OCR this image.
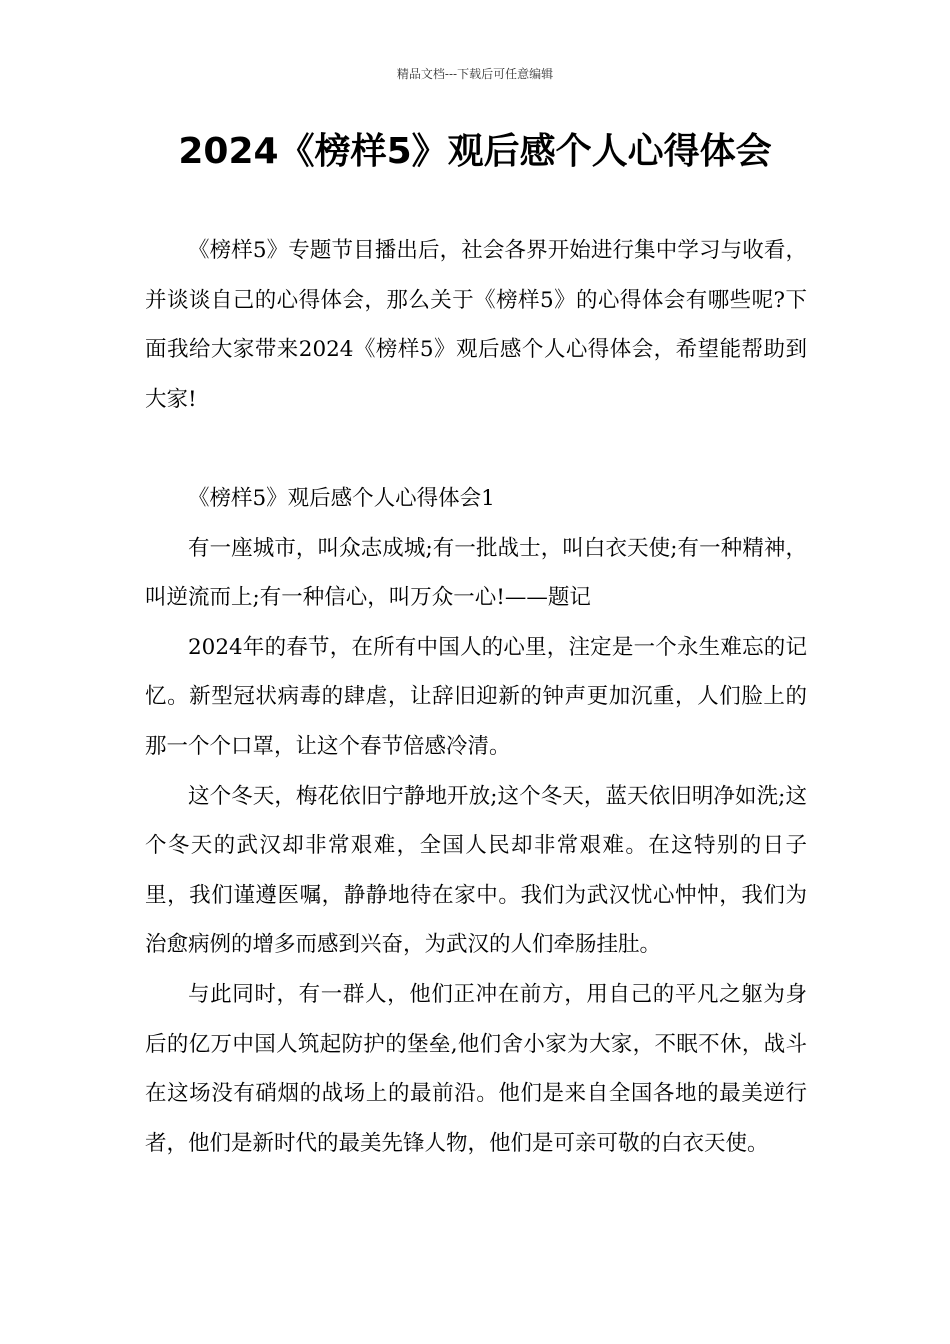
精品文档---下载后可任意编辑
2024《榜样5》观后感个人心得体会

《榜样5》专题节目播出后，社会各界开始进行集中学习与收看，并谈谈自己的心得体会，那么关于《榜样5》的心得体会有哪些呢?下面我给大家带来2024《榜样5》观后感个人心得体会，希望能帮助到大家!

《榜样5》观后感个人心得体会1

有一座城市，叫众志成城;有一批战士，叫白衣天使;有一种精神，叫逆流而上;有一种信心，叫万众一心!——题记

2024年的春节，在所有中国人的心里，注定是一个永生难忘的记忆。新型冠状病毒的肆虐，让辞旧迎新的钟声更加沉重，人们脸上的那一个个口罩，让这个春节倍感冷清。

这个冬天，梅花依旧宁静地开放;这个冬天，蓝天依旧明净如洗;这个冬天的武汉却非常艰难，全国人民却非常艰难。在这特别的日子里，我们谨遵医嘱，静静地待在家中。我们为武汉忧心忡忡，我们为治愈病例的增多而感到兴奋，为武汉的人们牵肠挂肚。

与此同时，有一群人，他们正冲在前方，用自己的平凡之躯为身后的亿万中国人筑起防护的堡垒,他们舍小家为大家，不眠不休，战斗在这场没有硝烟的战场上的最前沿。他们是来自全国各地的最美逆行者，他们是新时代的最美先锋人物，他们是可亲可敬的白衣天使。
